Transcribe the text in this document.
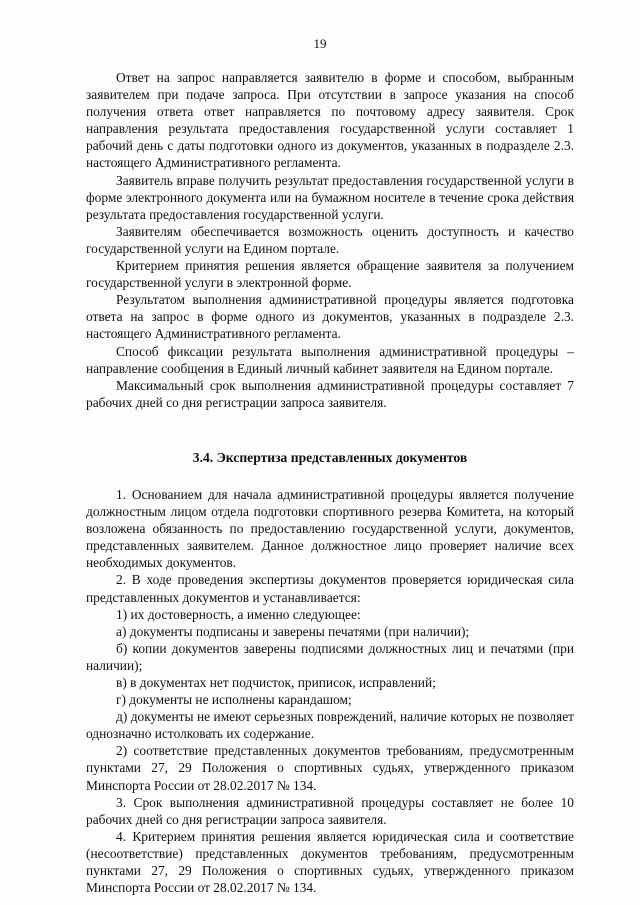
19

Ответ на запрос направляется заявителю в форме и способом, выбранным заявителем при подаче запроса. При отсутствии в запросе указания на способ получения ответа ответ направляется по почтовому адресу заявителя. Срок направления результата предоставления государственной услуги составляет 1 рабочий день с даты подготовки одного из документов, указанных в подразделе 2.3. настоящего Административного регламента.

Заявитель вправе получить результат предоставления государственной услуги в форме электронного документа или на бумажном носителе в течение срока действия результата предоставления государственной услуги.

Заявителям обеспечивается возможность оценить доступность и качество государственной услуги на Едином портале.

Критерием принятия решения является обращение заявителя за получением государственной услуги в электронной форме.

Результатом выполнения административной процедуры является подготовка ответа на запрос в форме одного из документов, указанных в подразделе 2.3. настоящего Административного регламента.

Способ фиксации результата выполнения административной процедуры – направление сообщения в Единый личный кабинет заявителя на Едином портале.

Максимальный срок выполнения административной процедуры составляет 7 рабочих дней со дня регистрации запроса заявителя.

3.4. Экспертиза представленных документов

1. Основанием для начала административной процедуры является получение должностным лицом отдела подготовки спортивного резерва Комитета, на который возложена обязанность по предоставлению государственной услуги, документов, представленных заявителем. Данное должностное лицо проверяет наличие всех необходимых документов.

2. В ходе проведения экспертизы документов проверяется юридическая сила представленных документов и устанавливается:

1) их достоверность, а именно следующее:

а) документы подписаны и заверены печатями (при наличии);

б) копии документов заверены подписями должностных лиц и печатями (при наличии);

в) в документах нет подчисток, приписок, исправлений;

г) документы не исполнены карандашом;

д) документы не имеют серьезных повреждений, наличие которых не позволяет однозначно истолковать их содержание.

2) соответствие представленных документов требованиям, предусмотренным пунктами 27, 29 Положения о спортивных судьях, утвержденного приказом Минспорта России от 28.02.2017 № 134.

3. Срок выполнения административной процедуры составляет не более 10 рабочих дней со дня регистрации запроса заявителя.

4. Критерием принятия решения является юридическая сила и соответствие (несоответствие) представленных документов требованиям, предусмотренным пунктами 27, 29 Положения о спортивных судьях, утвержденного приказом Минспорта России от 28.02.2017 № 134.
